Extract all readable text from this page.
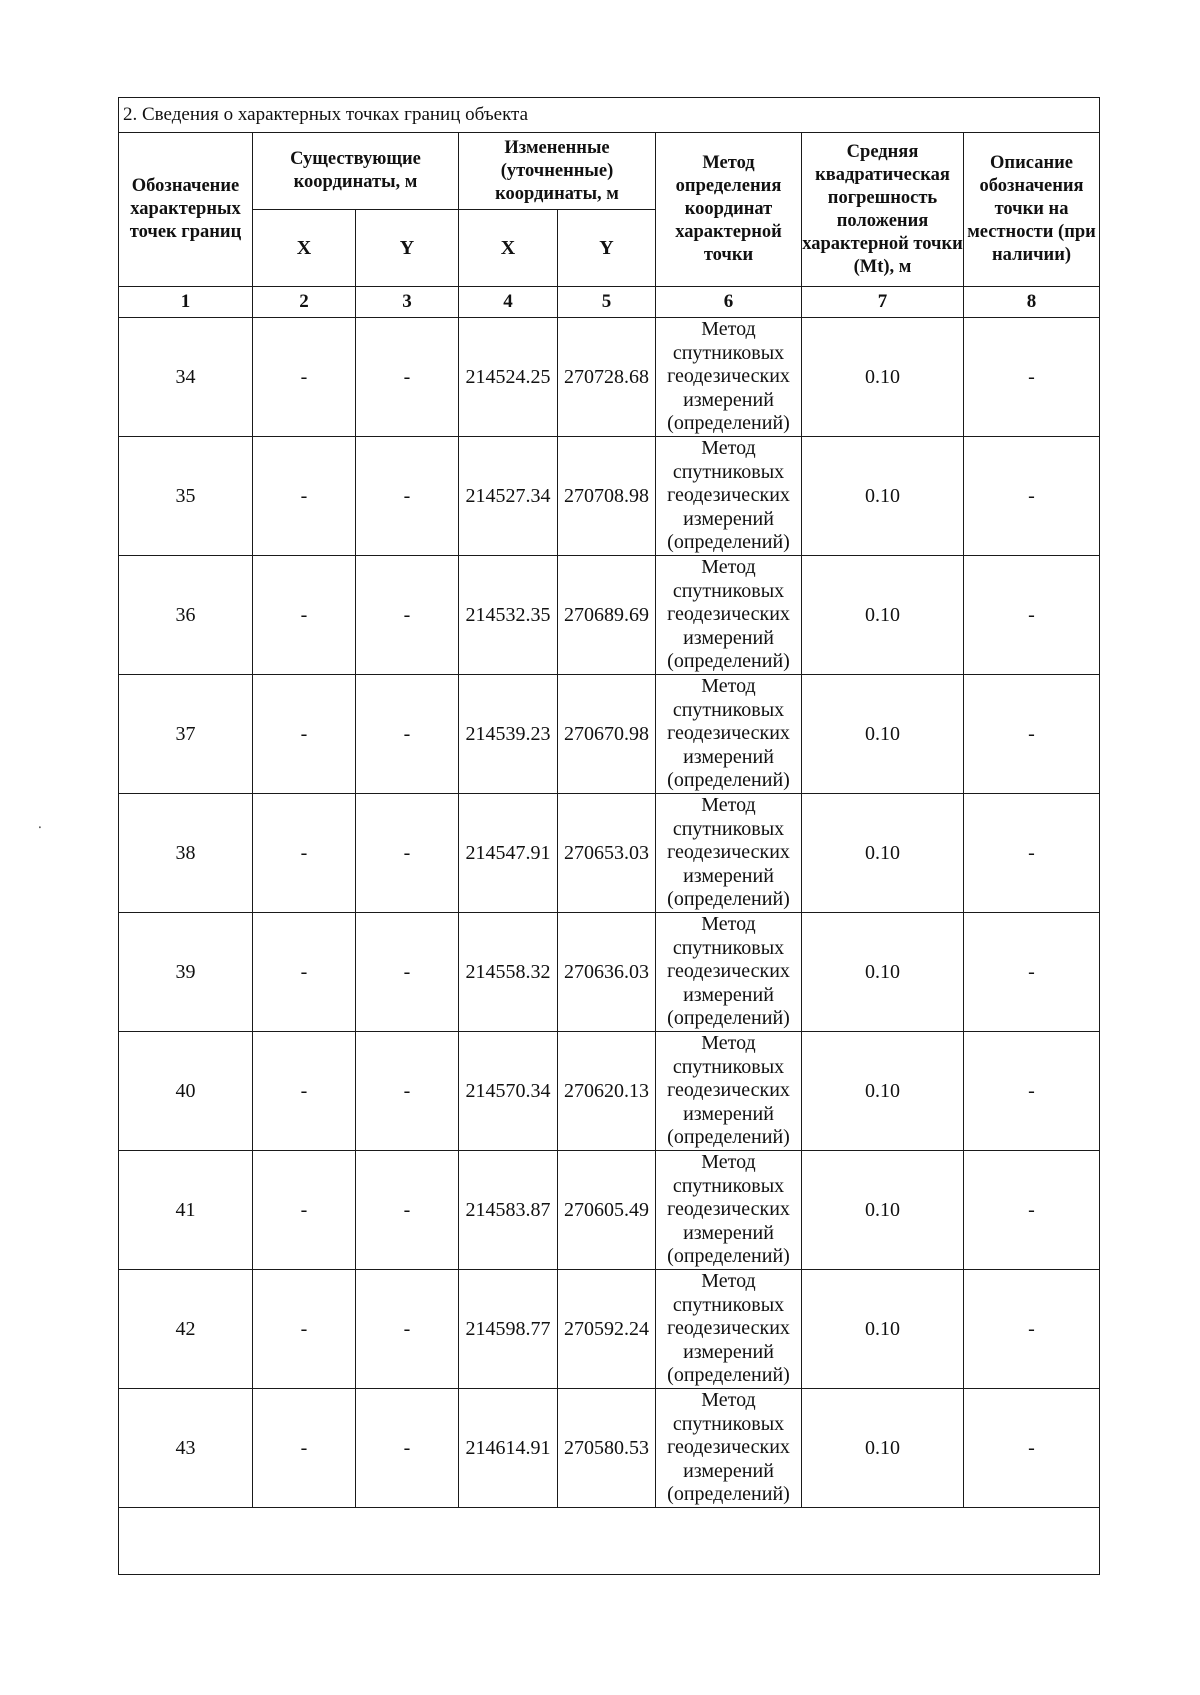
2. Сведения о характерных точках границ объекта							
Обозначение характерных точек границ	Существующие координаты, м		Измененные (уточненные) координаты, м		Метод определения координат характерной точки	Средняя квадратическая погрешность положения характерной точки (Mt), м	Описание обозначения точки на местности (при наличии)
	X	Y	X	Y			
1	2	3	4	5	6	7	8
34	-	-	214524.25	270728.68	Метод спутниковых геодезических измерений (определений)	0.10	-
35	-	-	214527.34	270708.98	Метод спутниковых геодезических измерений (определений)	0.10	-
36	-	-	214532.35	270689.69	Метод спутниковых геодезических измерений (определений)	0.10	-
37	-	-	214539.23	270670.98	Метод спутниковых геодезических измерений (определений)	0.10	-
38	-	-	214547.91	270653.03	Метод спутниковых геодезических измерений (определений)	0.10	-
39	-	-	214558.32	270636.03	Метод спутниковых геодезических измерений (определений)	0.10	-
40	-	-	214570.34	270620.13	Метод спутниковых геодезических измерений (определений)	0.10	-
41	-	-	214583.87	270605.49	Метод спутниковых геодезических измерений (определений)	0.10	-
42	-	-	214598.77	270592.24	Метод спутниковых геодезических измерений (определений)	0.10	-
43	-	-	214614.91	270580.53	Метод спутниковых геодезических измерений (определений)	0.10	-

⸱
